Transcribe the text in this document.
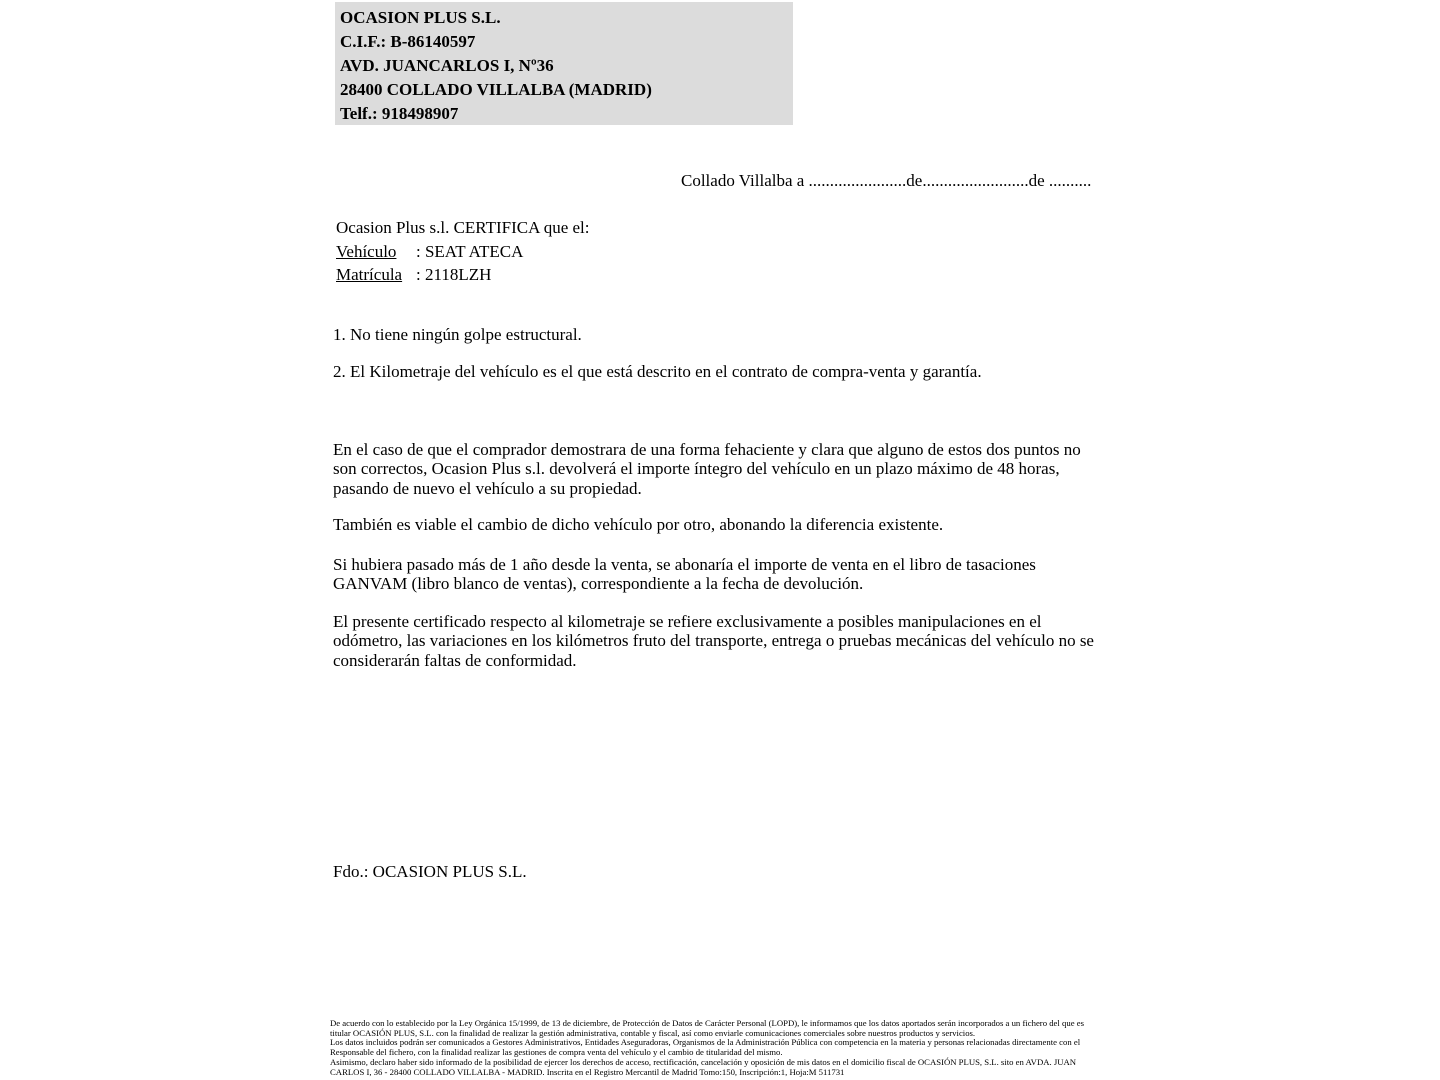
OCASION PLUS S.L.
C.I.F.: B-86140597
AVD. JUANCARLOS I, Nº36
28400 COLLADO VILLALBA (MADRID)
Telf.: 918498907
Collado Villalba a .......................de.........................de ..........
Ocasion Plus s.l. CERTIFICA que el:
Vehículo : SEAT ATECA
Matrícula : 2118LZH
1. No tiene ningún golpe estructural.
2. El Kilometraje del vehículo es el que está descrito en el contrato de compra-venta y garantía.
En el caso de que el comprador demostrara de una forma fehaciente y clara que alguno de estos dos puntos no son correctos, Ocasion Plus s.l. devolverá el importe íntegro del vehículo en un plazo máximo de 48 horas, pasando de nuevo el vehículo a su propiedad.
También es viable el cambio de dicho vehículo por otro, abonando la diferencia existente.
Si hubiera pasado más de 1 año desde la venta, se abonaría el importe de venta en el libro de tasaciones GANVAM (libro blanco de ventas), correspondiente a la fecha de devolución.
El presente certificado respecto al kilometraje se refiere exclusivamente a posibles manipulaciones en el odómetro, las variaciones en los kilómetros fruto del transporte, entrega o pruebas mecánicas del vehículo no se considerarán faltas de conformidad.
Fdo.: OCASION PLUS S.L.

De acuerdo con lo establecido por la Ley Orgánica 15/1999, de 13 de diciembre, de Protección de Datos de Carácter Personal (LOPD), le informamos que los datos aportados serán incorporados a un fichero del que es titular OCASIÓN PLUS, S.L. con la finalidad de realizar la gestión administrativa, contable y fiscal, así como enviarle comunicaciones comerciales sobre nuestros productos y servicios.

Los datos incluidos podrán ser comunicados a Gestores Administrativos, Entidades Aseguradoras, Organismos de la Administración Pública con competencia en la materia y personas relacionadas directamente con el Responsable del fichero, con la finalidad realizar las gestiones de compra venta del vehículo y el cambio de titularidad del mismo.

Asimismo, declaro haber sido informado de la posibilidad de ejercer los derechos de acceso, rectificación, cancelación y oposición de mis datos en el domicilio fiscal de OCASIÓN PLUS, S.L. sito en AVDA. JUAN CARLOS I, 36 - 28400 COLLADO VILLALBA - MADRID. Inscrita en el Registro Mercantil de Madrid Tomo:150, Inscripción:1, Hoja:M 511731
